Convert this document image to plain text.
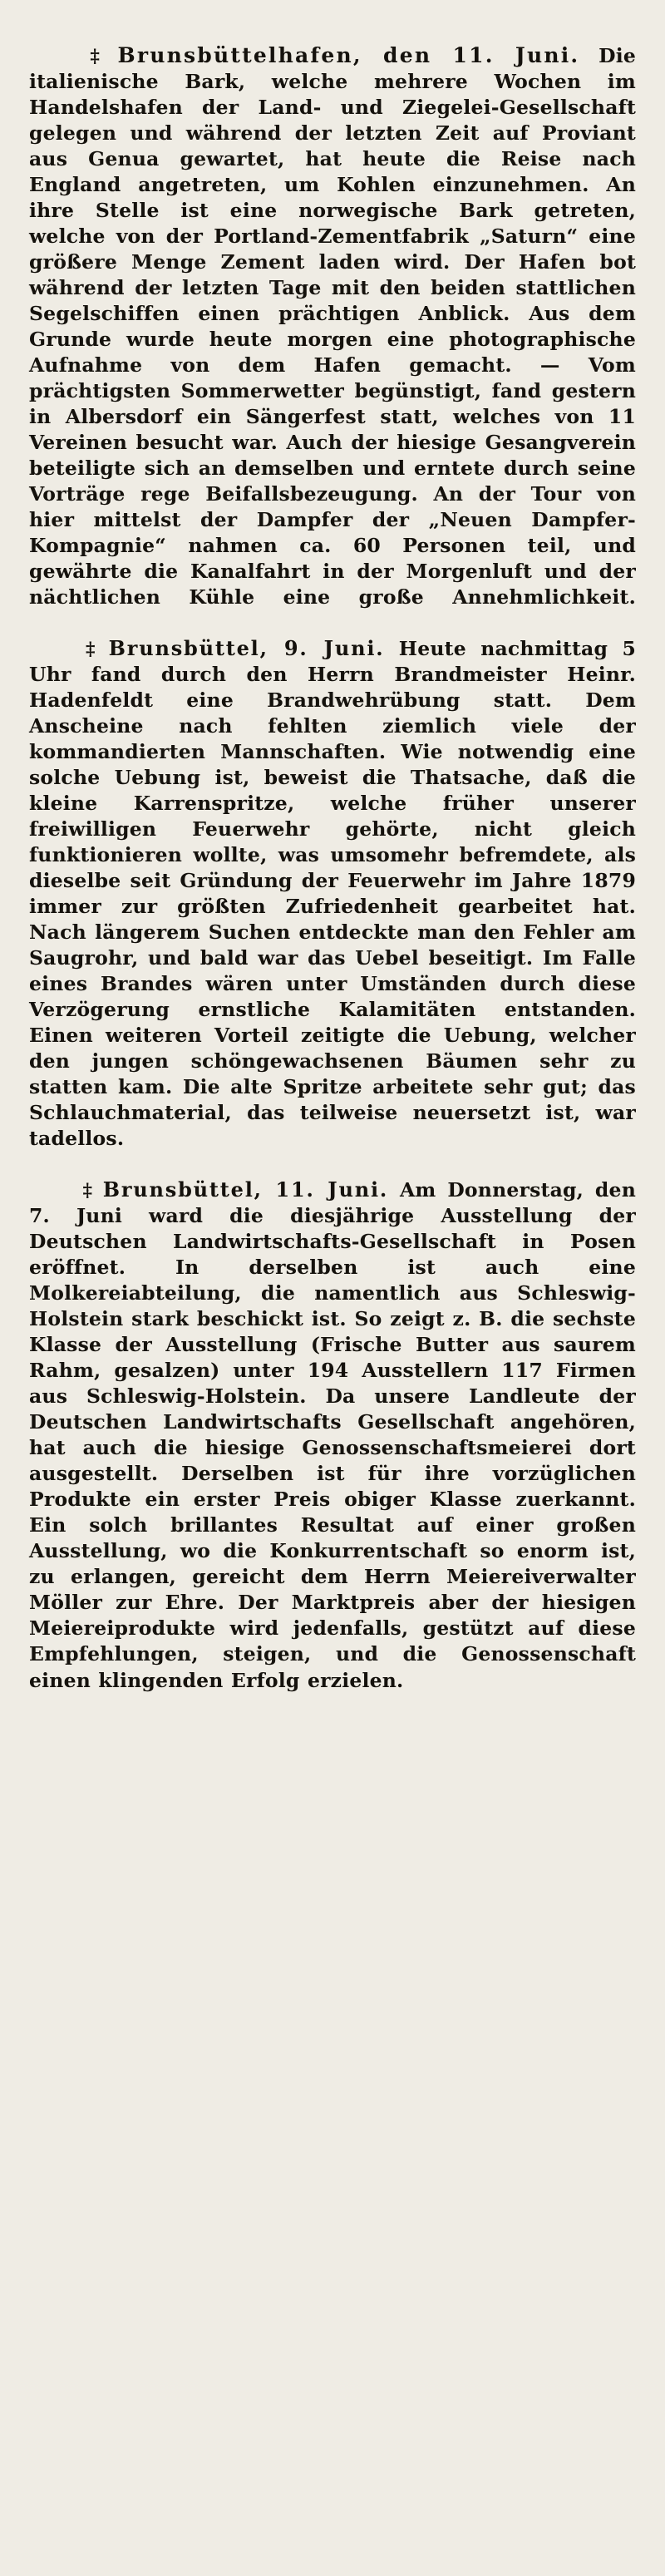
‡ Brunsbüttelhafen, den 11. Juni. Die italienische Bark, welche mehrere Wochen im Handelshafen der Land- und Ziegelei-Gesellschaft gelegen und während der letzten Zeit auf Proviant aus Genua gewartet, hat heute die Reise nach England angetreten, um Kohlen einzunehmen. An ihre Stelle ist eine norwegische Bark getreten, welche von der Portland-Zementfabrik „Saturn“ eine größere Menge Zement laden wird. Der Hafen bot während der letzten Tage mit den beiden stattlichen Segelschiffen einen prächtigen Anblick. Aus dem Grunde wurde heute morgen eine photographische Aufnahme von dem Hafen gemacht. — Vom prächtigsten Sommerwetter begünstigt, fand gestern in Albersdorf ein Sängerfest statt, welches von 11 Vereinen besucht war. Auch der hiesige Gesangverein beteiligte sich an demselben und erntete durch seine Vorträge rege Beifallsbezeugung. An der Tour von hier mittelst der Dampfer der „Neuen Dampfer-Kompagnie“ nahmen ca. 60 Personen teil, und gewährte die Kanalfahrt in der Morgenluft und der nächtlichen Kühle eine große Annehmlichkeit.

‡ Brunsbüttel, 9. Juni. Heute nachmittag 5 Uhr fand durch den Herrn Brandmeister Heinr. Hadenfeldt eine Brandwehrübung statt. Dem Anscheine nach fehlten ziemlich viele der kommandierten Mannschaften. Wie notwendig eine solche Uebung ist, beweist die Thatsache, daß die kleine Karrenspritze, welche früher unserer freiwilligen Feuerwehr gehörte, nicht gleich funktionieren wollte, was umsomehr befremdete, als dieselbe seit Gründung der Feuerwehr im Jahre 1879 immer zur größten Zufriedenheit gearbeitet hat. Nach längerem Suchen entdeckte man den Fehler am Saugrohr, und bald war das Uebel beseitigt. Im Falle eines Brandes wären unter Umständen durch diese Verzögerung ernstliche Kalamitäten entstanden. Einen weiteren Vorteil zeitigte die Uebung, welcher den jungen schöngewachsenen Bäumen sehr zu statten kam. Die alte Spritze arbeitete sehr gut; das Schlauchmaterial, das teilweise neuersetzt ist, war tadellos.

‡ Brunsbüttel, 11. Juni. Am Donnerstag, den 7. Juni ward die diesjährige Ausstellung der Deutschen Landwirtschafts-Gesellschaft in Posen eröffnet. In derselben ist auch eine Molkereiabteilung, die namentlich aus Schleswig-Holstein stark beschickt ist. So zeigt z. B. die sechste Klasse der Ausstellung (Frische Butter aus saurem Rahm, gesalzen) unter 194 Ausstellern 117 Firmen aus Schleswig-Holstein. Da unsere Landleute der Deutschen Landwirtschafts Gesellschaft angehören, hat auch die hiesige Genossenschaftsmeierei dort ausgestellt. Derselben ist für ihre vorzüglichen Produkte ein erster Preis obiger Klasse zuerkannt. Ein solch brillantes Resultat auf einer großen Ausstellung, wo die Konkurrentschaft so enorm ist, zu erlangen, gereicht dem Herrn Meiereiverwalter Möller zur Ehre. Der Marktpreis aber der hiesigen Meiereiprodukte wird jedenfalls, gestützt auf diese Empfehlungen, steigen, und die Genossenschaft einen klingenden Erfolg erzielen.
